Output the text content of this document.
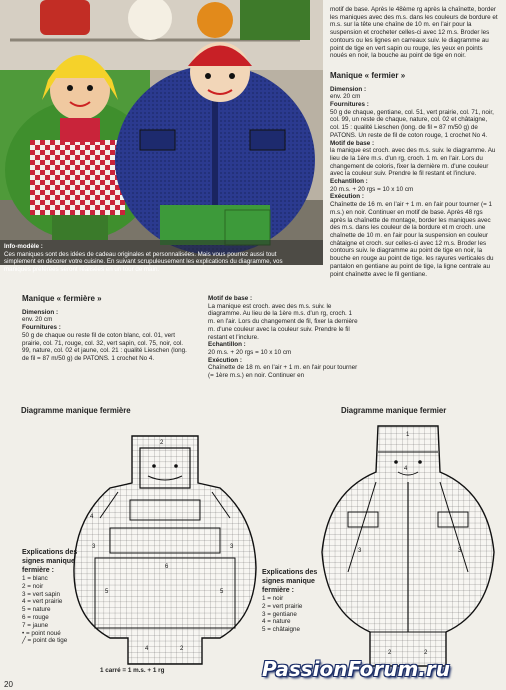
Info-modèle :
Ces maniques sont des idées de cadeau originales et personnalisées. Mais vous pourrez aussi tout simplement en décorer votre cuisine. En suivant scrupuleusement les explications du diagramme, vos maniques préférées seront réalisées en un tour de main.

motif de base. Après le 48ème rg après la chaînette, border les maniques avec des m.s. dans les couleurs de bordure et m.s. sur la tête une chaîne de 10 m. en l'air pour la suspension et crocheter celles-ci avec 12 m.s. Broder les contours ou les lignes en carreaux suiv. le diagramme au point de tige en vert sapin ou rouge, les yeux en points noués en noir, la bouche au point de tige en noir.

Manique « fermier »
Dimension :

env. 20 cm

Fournitures :

50 g de chaque, gentiane, col. 51, vert prairie, col. 71, noir, col. 99, un reste de chaque, nature, col. 02 et châtaigne, col. 15 : qualité Lieschen (long. de fil = 87 m/50 g) de PATONS. Un reste de fil de coton rouge, 1 crochet No 4.

Motif de base :

la manique est croch. avec des m.s. suiv. le diagramme. Au lieu de la 1ère m.s. d'un rg, croch. 1 m. en l'air. Lors du changement de coloris, fixer la dernière m. d'une couleur avec la couleur suiv. Prendre le fil restant et l'inclure.

Echantillon :

20 m.s. + 20 rgs = 10 x 10 cm

Exécution :

Chaînette de 16 m. en l'air + 1 m. en l'air pour tourner (= 1 m.s.) en noir. Continuer en motif de base. Après 48 rgs après la chaînette de montage, border les maniques avec des m.s. dans les couleur de la bordure et m croch. une chaînette de 10 m. en l'air pour la suspension en couleur châtaigne et croch. sur celles-ci avec 12 m.s. Broder les contours suiv. le diagramme au point de tige en noir, la bouche en rouge au point de tige. les rayures verticales du pantalon en gentiane au point de tige, la ligne centrale au point chaînette avec le fil gentiane.

Manique « fermière »
Dimension :

env. 20 cm

Fournitures :

50 g de chaque ou reste fil de coton blanc, col. 01, vert prairie, col. 71, rouge, col. 32, vert sapin, col. 75, noir, col. 99, nature, col. 02 et jaune, col. 21 : qualité Lieschen (long. de fil = 87 m/50 g) de PATONS. 1 crochet No 4.

Motif de base :

La manique est croch. avec des m.s. suiv. le diagramme. Au lieu de la 1ère m.s. d'un rg, croch. 1 m. en l'air. Lors du changement de fil, fixer la dernière m. d'une couleur avec la couleur suiv. Prendre le fil restant et l'inclure.

Echantillon :

20 m.s. + 20 rgs = 10 x 10 cm

Exécution :

Chaînette de 18 m. en l'air + 1 m. en l'air pour tourner (= 1ère m.s.) en noir. Continuer en

Diagramme manique fermière	Diagramme manique fermier
2
3	3
6
5	5
4	2
4
Explications des signes manique fermière :
1 = blanc
2 = noir
3 = vert sapin
4 = vert prairie
5 = nature
6 = rouge
7 = jaune
• = point noué
╱ = point de tige
1 carré = 1 m.s. + 1 rg
1
4
3	3
2	2
Explications des signes manique fermière :
1 = noir
2 = vert prairie
3 = gentiane
4 = nature
5 = châtaigne
20
PassionForum.ru
